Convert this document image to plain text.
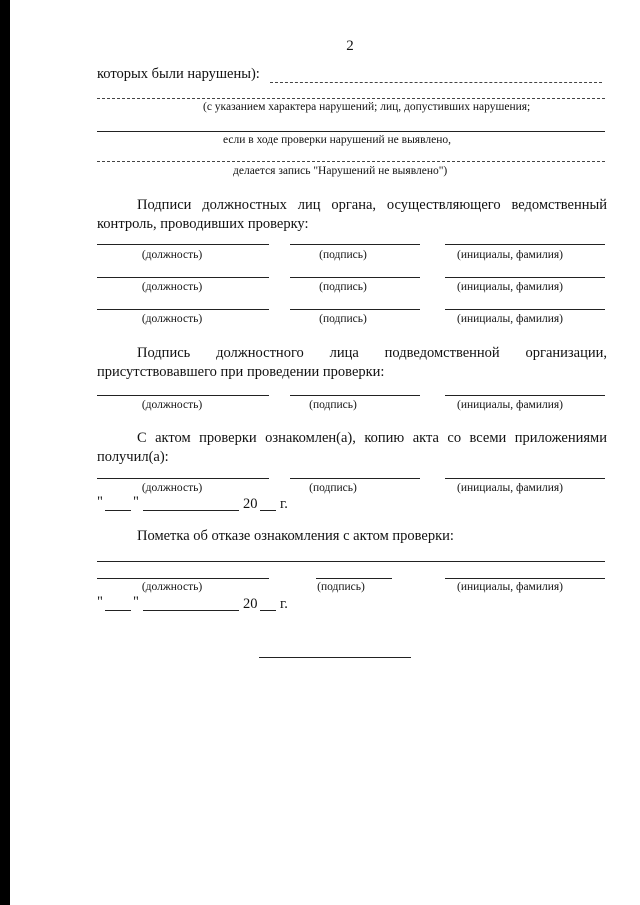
2
которых были нарушены):
(с указанием характера нарушений; лиц, допустивших нарушения;
если в ходе проверки нарушений не выявлено,
делается запись "Нарушений не выявлено")
Подписи должностных лиц органа, осуществляющего ведомственный контроль, проводивших проверку:
(должность)	(подпись)	(инициалы, фамилия)
(должность)	(подпись)	(инициалы, фамилия)
(должность)	(подпись)	(инициалы, фамилия)
Подпись должностного лица подведомственной организации, присутствовавшего при проведении проверки:
(должность)	(подпись)	(инициалы, фамилия)
С актом проверки ознакомлен(а), копию акта со всеми приложениями получил(а):
(должность)	(подпись)	(инициалы, фамилия)
" "	20 г.
Пометка об отказе ознакомления с актом проверки:
(должность)	(подпись)	(инициалы, фамилия)
" "	20 г.
